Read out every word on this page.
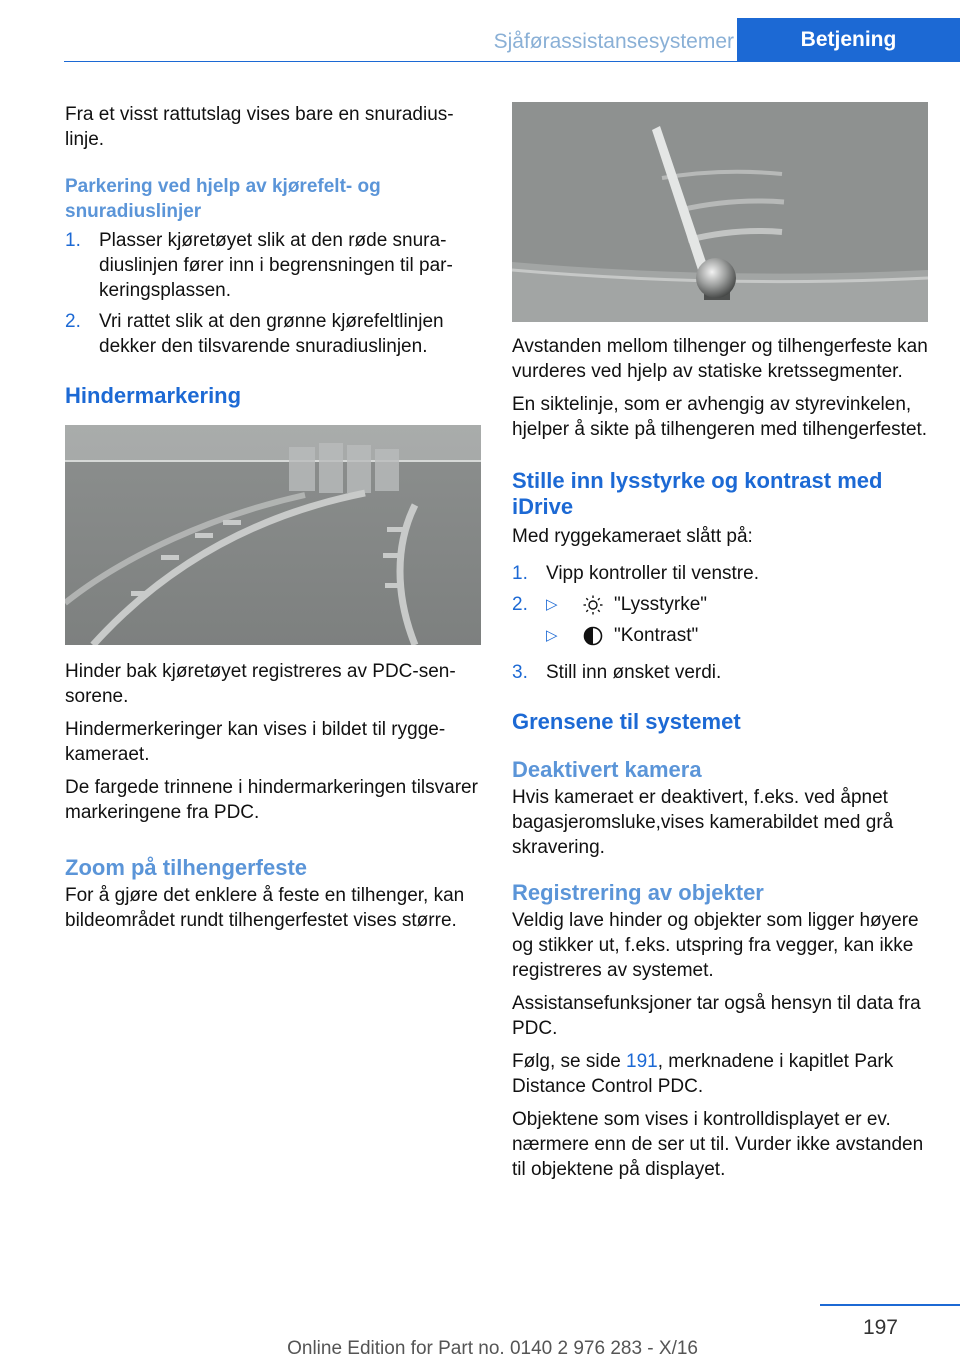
Sjåførassistansesystemer	Betjening

Fra et visst rattutslag vises bare en snuradiuslinje.

Parkering ved hjelp av kjørefelt- og snuradiuslinjer
1. Plasser kjøretøyet slik at den røde snuradiuslinjen fører inn i begrensningen til parkeringsplassen.
2. Vri rattet slik at den grønne kjørefeltlinjen dekker den tilsvarende snuradiuslinjen.
Hindermarkering

Hinder bak kjøretøyet registreres av PDC-sensorene.

Hindermerkeringer kan vises i bildet til ryggekameraet.

De fargede trinnene i hindermarkeringen tilsvarer markeringene fra PDC.

Zoom på tilhengerfeste

For å gjøre det enklere å feste en tilhenger, kan bildeområdet rundt tilhengerfestet vises større.

Avstanden mellom tilhenger og tilhengerfeste kan vurderes ved hjelp av statiske kretssegmenter.

En siktelinje, som er avhengig av styrevinkelen, hjelper å sikte på tilhengeren med tilhengerfestet.

Stille inn lysstyrke og kontrast med iDrive

Med ryggekameraet slått på:

1. Vipp kontroller til venstre.
2.	▷	"Lysstyrke"
▷	"Kontrast"
3. Still inn ønsket verdi.
Grensene til systemet
Deaktivert kamera

Hvis kameraet er deaktivert, f.eks. ved åpnet bagasjeromsluke,vises kamerabildet med grå skravering.

Registrering av objekter

Veldig lave hinder og objekter som ligger høyere og stikker ut, f.eks. utspring fra vegger, kan ikke registreres av systemet.

Assistansefunksjoner tar også hensyn til data fra PDC.

Følg, se side 191, merknadene i kapitlet Park Distance Control PDC.

Objektene som vises i kontrolldisplayet er ev. nærmere enn de ser ut til. Vurder ikke avstanden til objektene på displayet.

197
Online Edition for Part no. 0140 2 976 283 - X/16
